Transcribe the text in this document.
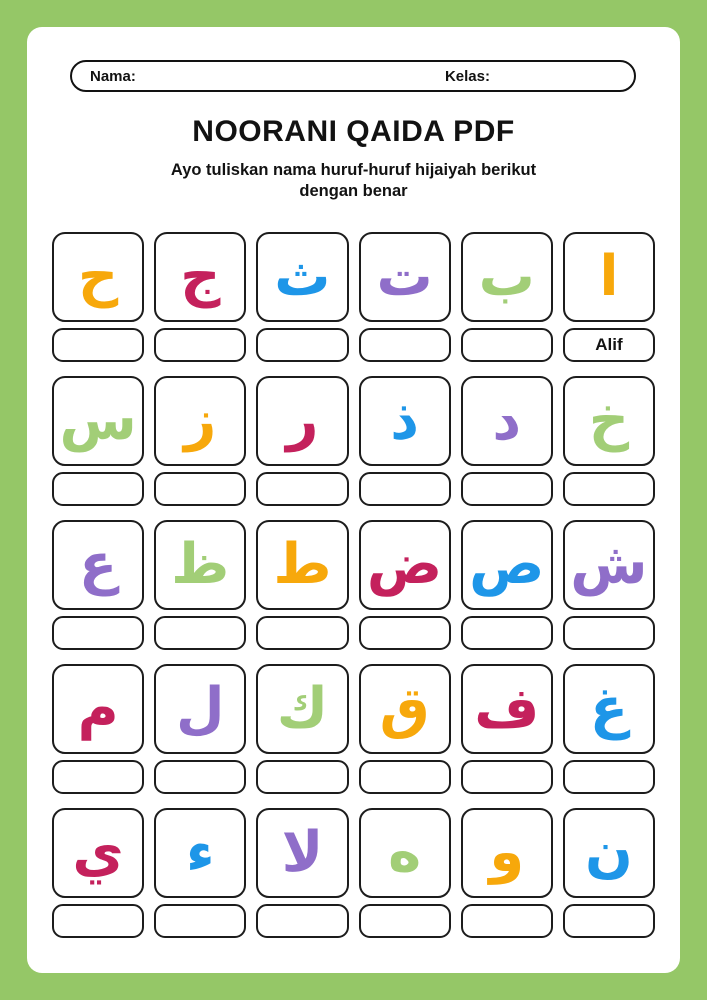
Nama:	Kelas:
NOORANI QAIDA PDF
Ayo tuliskan nama huruf-huruf hijaiyah berikut dengan benar
ح ج ث ت ب ا
Alif
س ز ر ذ د خ
ع ظ ط ض ص ش
م ل ك ق ف غ
ي ء لا ه و ن
